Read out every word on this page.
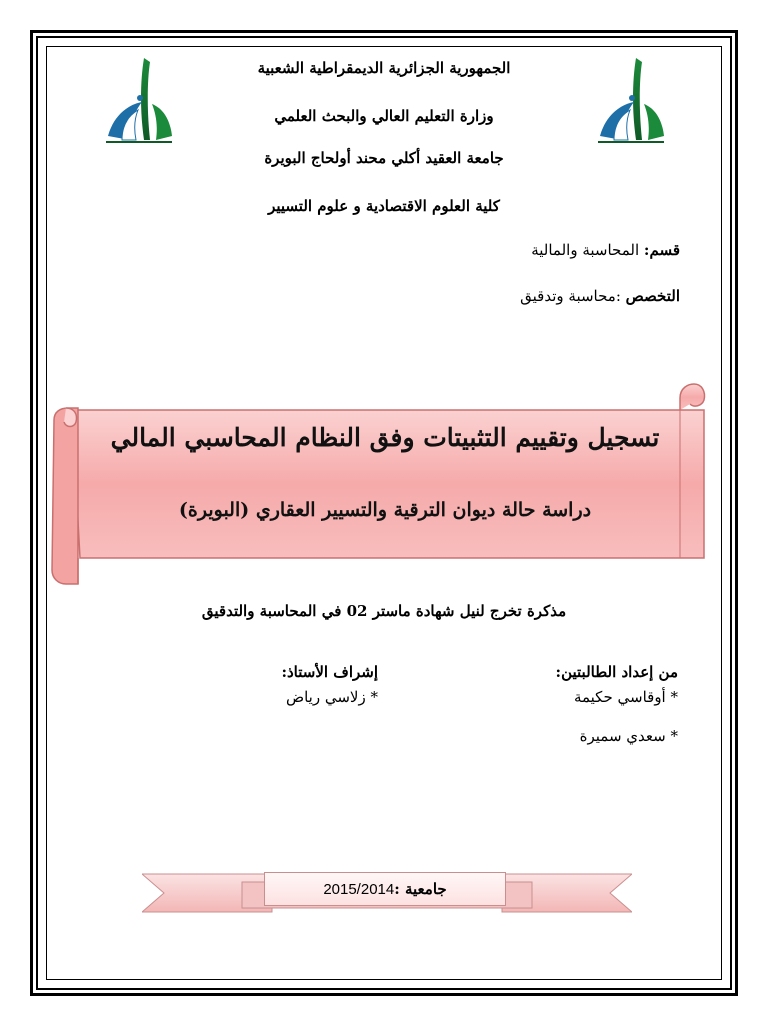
الجمهورية الجزائرية الديمقراطية الشعبية
وزارة التعليم العالي والبحث العلمي
جامعة العقيد أكلي محند أولحاج البويرة
كلية العلوم الاقتصادية و علوم التسيير
قسم: المحاسبة والمالية
التخصص :محاسبة وتدقيق
تسجيل وتقييم التثبيتات وفق النظام المحاسبي المالي
دراسة حالة ديوان الترقية والتسيير العقاري (البويرة)
مذكرة تخرج لنيل شهادة ماستر 02 في المحاسبة والتدقيق
من إعداد الطالبتين:
* أوقاسي حكيمة
* سعدي سميرة
إشراف الأستاذ:
* زلاسي رياض
جامعية :2015/2014
